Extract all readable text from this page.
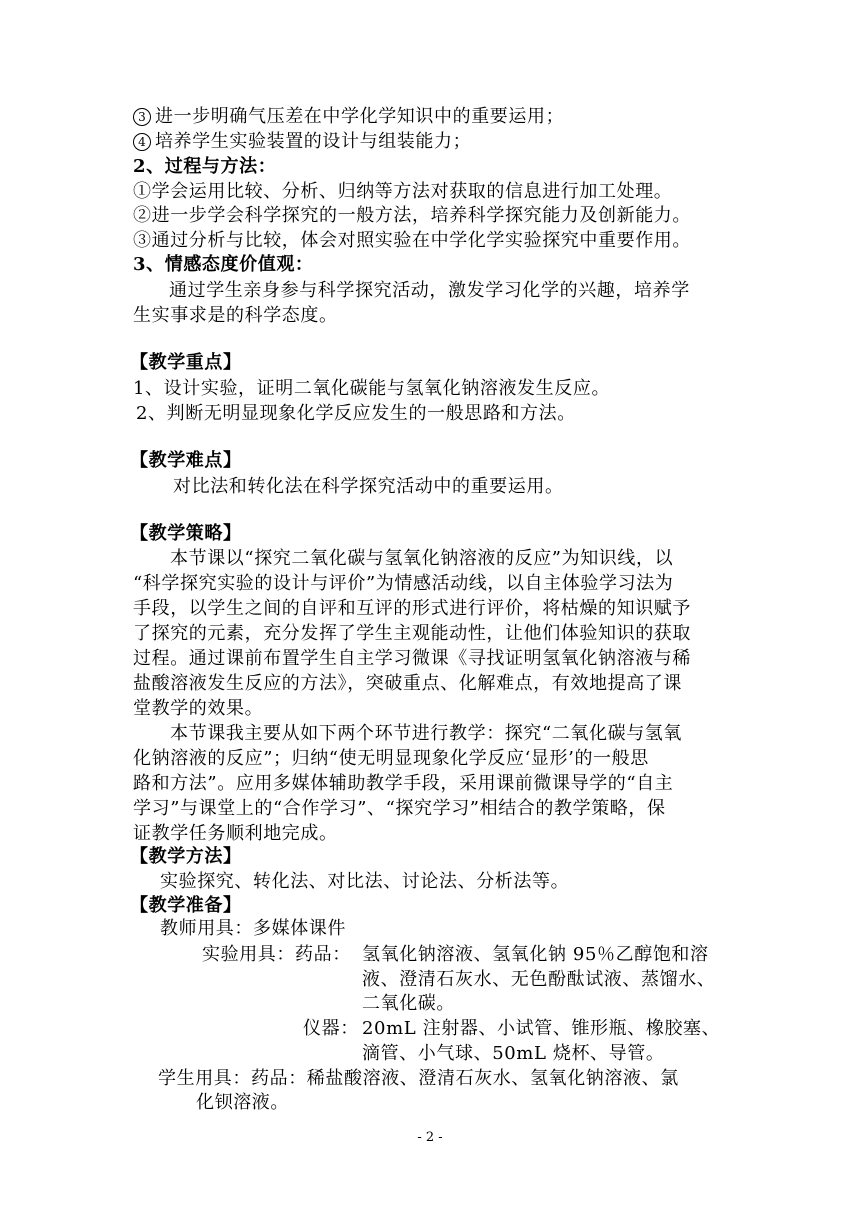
3 进一步明确气压差在中学化学知识中的重要运用；
4 培养学生实验装置的设计与组装能力；
2、过程与方法：
①学会运用比较、分析、归纳等方法对获取的信息进行加工处理。
②进一步学会科学探究的一般方法，培养科学探究能力及创新能力。
③通过分析与比较，体会对照实验在中学化学实验探究中重要作用。
3、情感态度价值观：
通过学生亲身参与科学探究活动，激发学习化学的兴趣，培养学
生实事求是的科学态度。
【教学重点】
1、设计实验，证明二氧化碳能与氢氧化钠溶液发生反应。
2、判断无明显现象化学反应发生的一般思路和方法。
【教学难点】
对比法和转化法在科学探究活动中的重要运用。
【教学策略】
本节课以“探究二氧化碳与氢氧化钠溶液的反应”为知识线，以
“科学探究实验的设计与评价”为情感活动线，以自主体验学习法为
手段，以学生之间的自评和互评的形式进行评价，将枯燥的知识赋予
了探究的元素，充分发挥了学生主观能动性，让他们体验知识的获取
过程。通过课前布置学生自主学习微课《寻找证明氢氧化钠溶液与稀
盐酸溶液发生反应的方法》，突破重点、化解难点，有效地提高了课
堂教学的效果。
本节课我主要从如下两个环节进行教学：探究“二氧化碳与氢氧
化钠溶液的反应”；归纳“使无明显现象化学反应‘显形’的一般思
路和方法”。应用多媒体辅助教学手段，采用课前微课导学的“自主
学习”与课堂上的“合作学习”、“探究学习”相结合的教学策略，保
证教学任务顺利地完成。
【教学方法】
实验探究、转化法、对比法、讨论法、分析法等。
【教学准备】
教师用具：多媒体课件
实验用具：药品： 氢氧化钠溶液、氢氧化钠 95％乙醇饱和溶
液、澄清石灰水、无色酚酞试液、蒸馏水、
二氧化碳。
仪器： 20mL 注射器、小试管、锥形瓶、橡胶塞、
滴管、小气球、50mL 烧杯、导管。
学生用具：药品：稀盐酸溶液、澄清石灰水、氢氧化钠溶液、氯
化钡溶液。
- 2 -
